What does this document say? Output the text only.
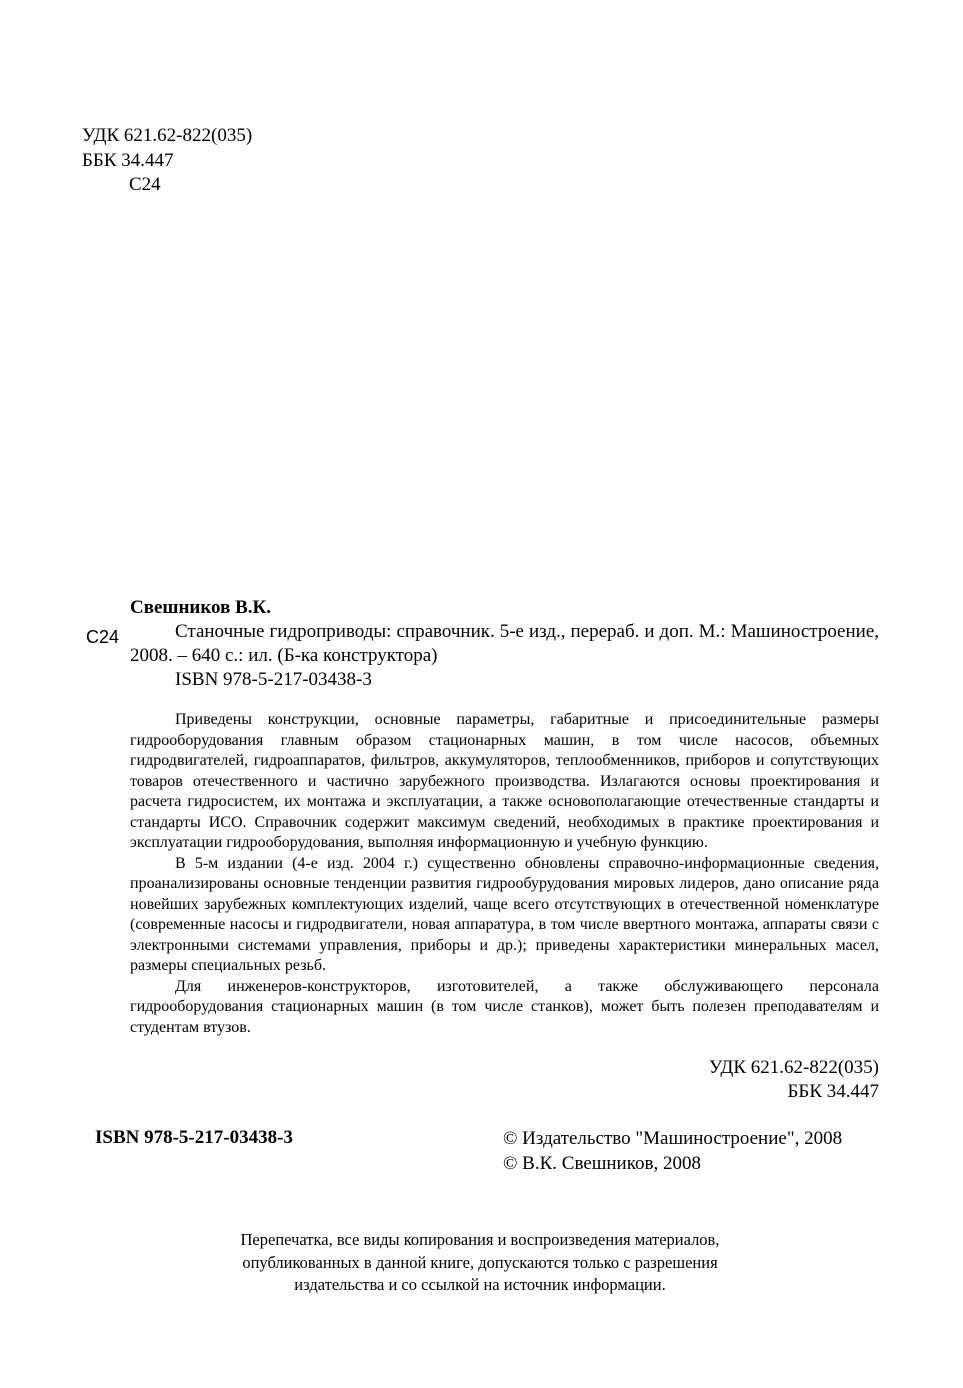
УДК 621.62-822(035)
ББК 34.447
С24
Свешников В.К.
С24	Станочные гидроприводы: справочник. 5-е изд., перераб. и доп. М.: Машиностроение, 2008. – 640 с.: ил. (Б-ка конструктора)

ISBN 978-5-217-03438-3

Приведены конструкции, основные параметры, габаритные и присоединительные размеры гидрооборудования главным образом стационарных машин, в том числе насосов, объемных гидродвигателей, гидроаппаратов, фильтров, аккумуляторов, теплообменников, приборов и сопутствующих товаров отечественного и частично зарубежного производства. Излагаются основы проектирования и расчета гидросистем, их монтажа и эксплуатации, а также основополагающие отечественные стандарты и стандарты ИСО. Справочник содержит максимум сведений, необходимых в практике проектирования и эксплуатации гидрооборудования, выполняя информационную и учебную функцию.

В 5-м издании (4-е изд. 2004 г.) существенно обновлены справочно-информационные сведения, проанализированы основные тенденции развития гидрообурудования мировых лидеров, дано описание ряда новейших зарубежных комплектующих изделий, чаще всего отсутствующих в отечественной номенклатуре (современные насосы и гидродвигатели, новая аппаратура, в том числе ввертного монтажа, аппараты связи с электронными системами управления, приборы и др.); приведены характеристики минеральных масел, размеры специальных резьб.

Для инженеров-конструкторов, изготовителей, а также обслуживающего персонала гидрооборудования стационарных машин (в том числе станков), может быть полезен преподавателям и студентам втузов.

УДК 621.62-822(035)
ББК 34.447
ISBN 978-5-217-03438-3	© Издательство "Машиностроение", 2008
© В.К. Свешников, 2008
Перепечатка, все виды копирования и воспроизведения материалов,
опубликованных в данной книге, допускаются только с разрешения
издательства и со ссылкой на источник информации.
